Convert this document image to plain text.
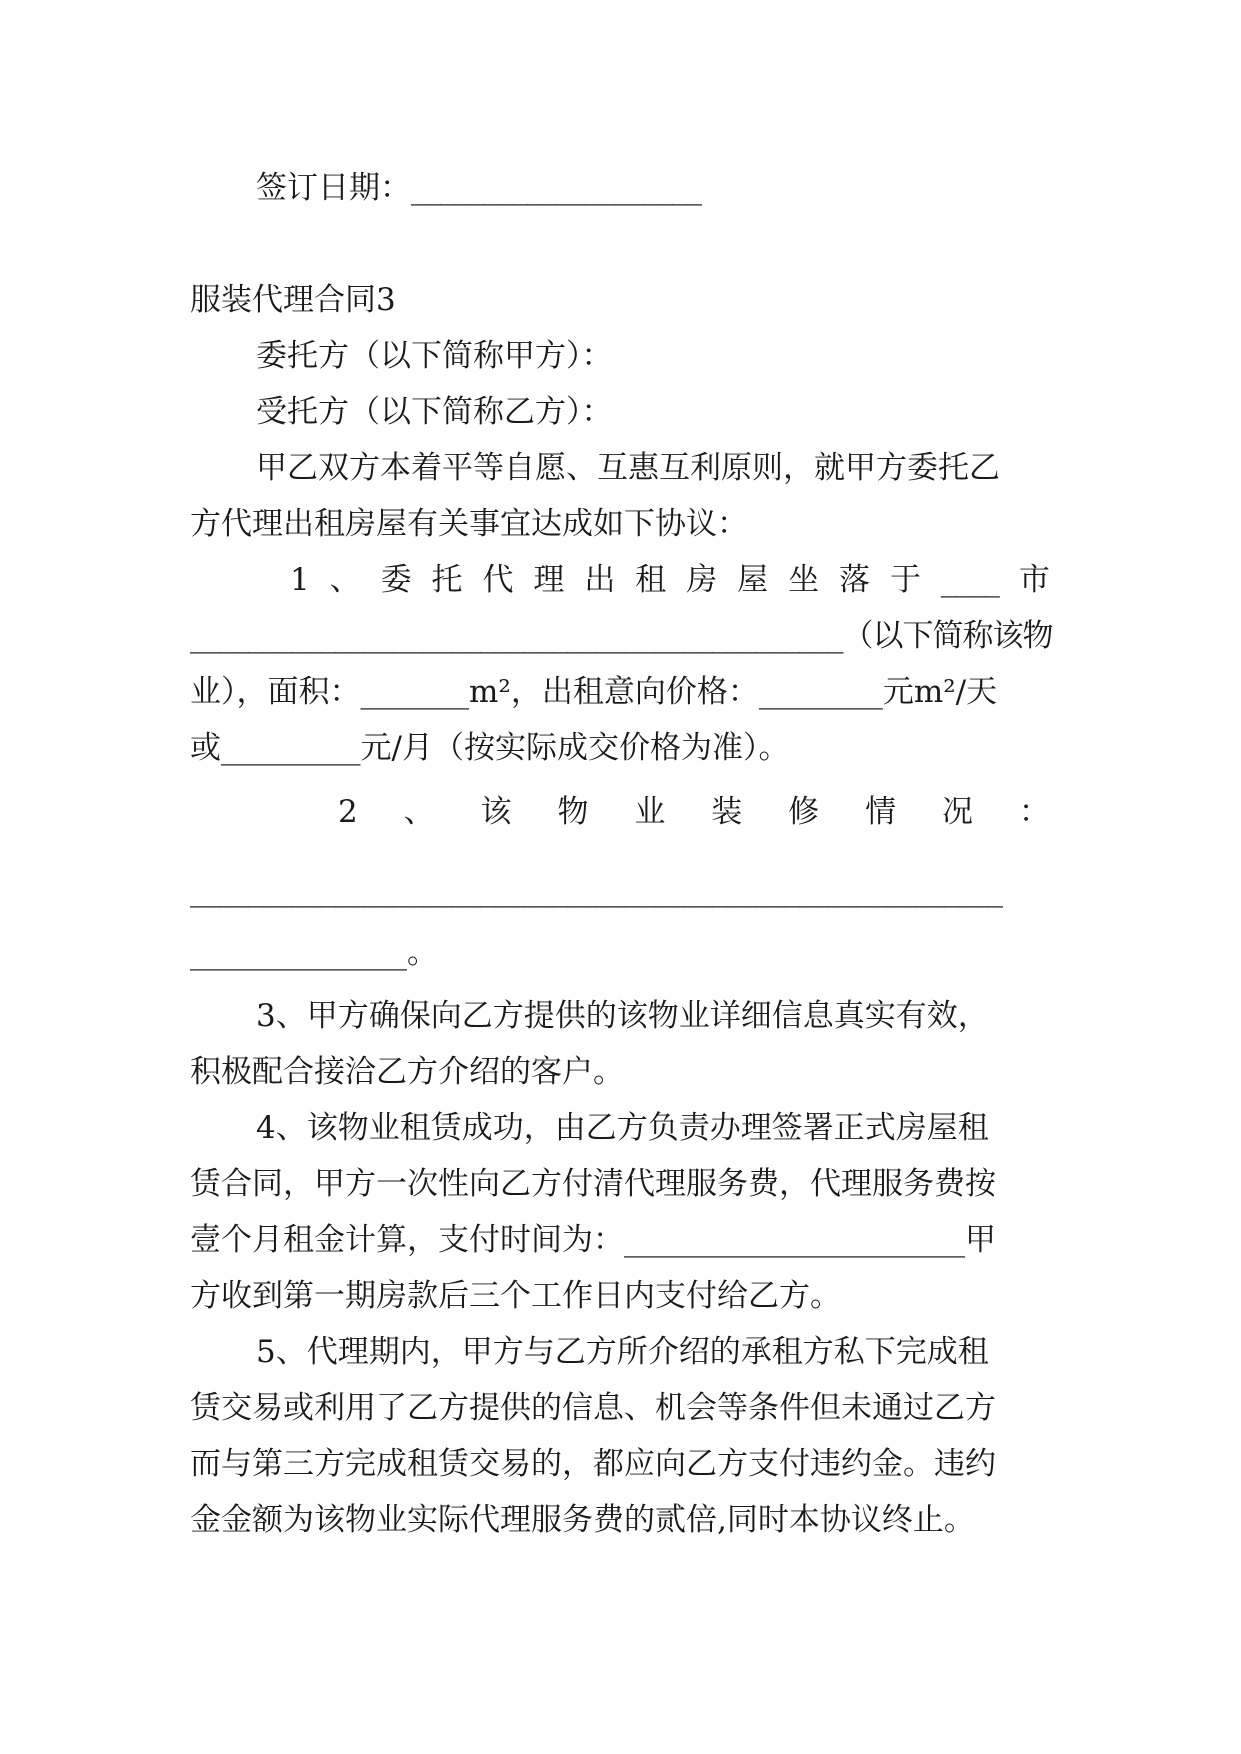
签订日期：____________________
服装代理合同3
委托方（以下简称甲方）：
受托方（以下简称乙方）：
甲乙双方本着平等自愿、互惠互利原则，就甲方委托乙
方代理出租房屋有关事宜达成如下协议：
1 、 委 托 代 理 出 租 房 屋 坐 落 于 ____ 市
_____________________________________________（以下简称该物
业），面积：_______m²，出租意向价格：________元m²/天
或_________元/月（按实际成交价格为准）。
2 、 该 物 业 装 修 情 况 ：
________________________________________________________
______________。
3、甲方确保向乙方提供的该物业详细信息真实有效，
积极配合接洽乙方介绍的客户。
4、该物业租赁成功，由乙方负责办理签署正式房屋租
赁合同，甲方一次性向乙方付清代理服务费，代理服务费按
壹个月租金计算，支付时间为：______________________甲
方收到第一期房款后三个工作日内支付给乙方。
5、代理期内，甲方与乙方所介绍的承租方私下完成租
赁交易或利用了乙方提供的信息、机会等条件但未通过乙方
而与第三方完成租赁交易的，都应向乙方支付违约金。违约
金金额为该物业实际代理服务费的贰倍,同时本协议终止。
